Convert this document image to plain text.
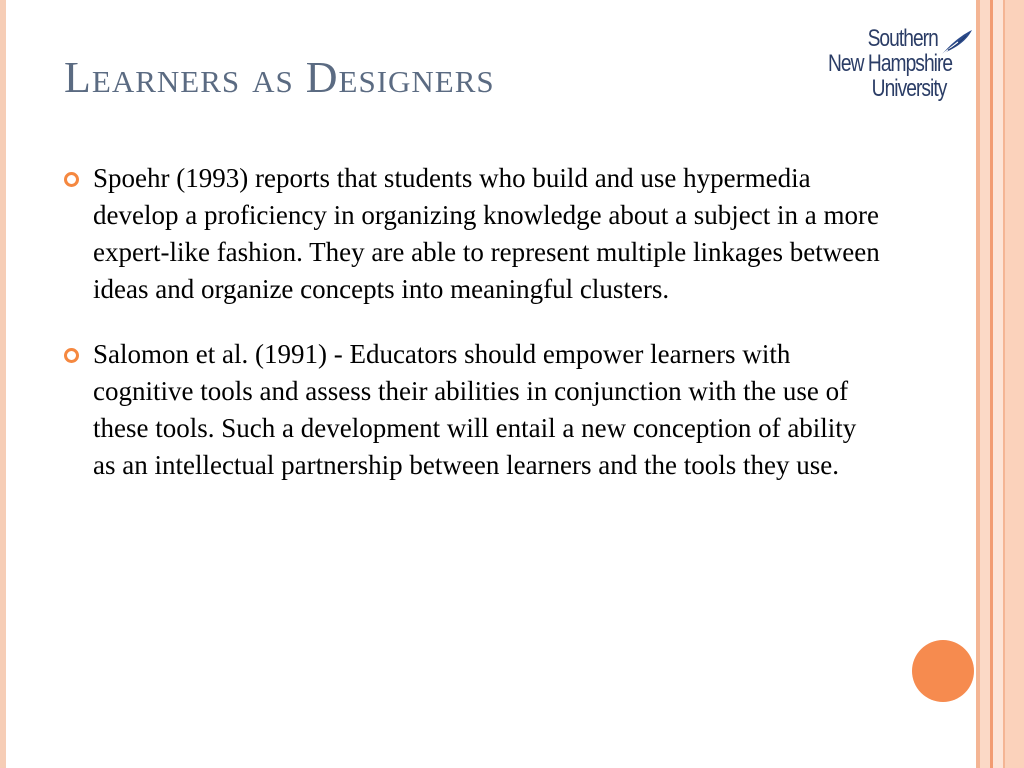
Learners as Designers
Southern
New Hampshire
University
Spoehr (1993) reports that students who build and use hypermedia develop a proficiency in organizing knowledge about a subject in a more expert-like fashion. They are able to represent multiple linkages between ideas and organize concepts into meaningful clusters.
Salomon et al. (1991) - Educators should empower learners with cognitive tools and assess their abilities in conjunction with the use of these tools. Such a development will entail a new conception of ability as an intellectual partnership between learners and the tools they use.
